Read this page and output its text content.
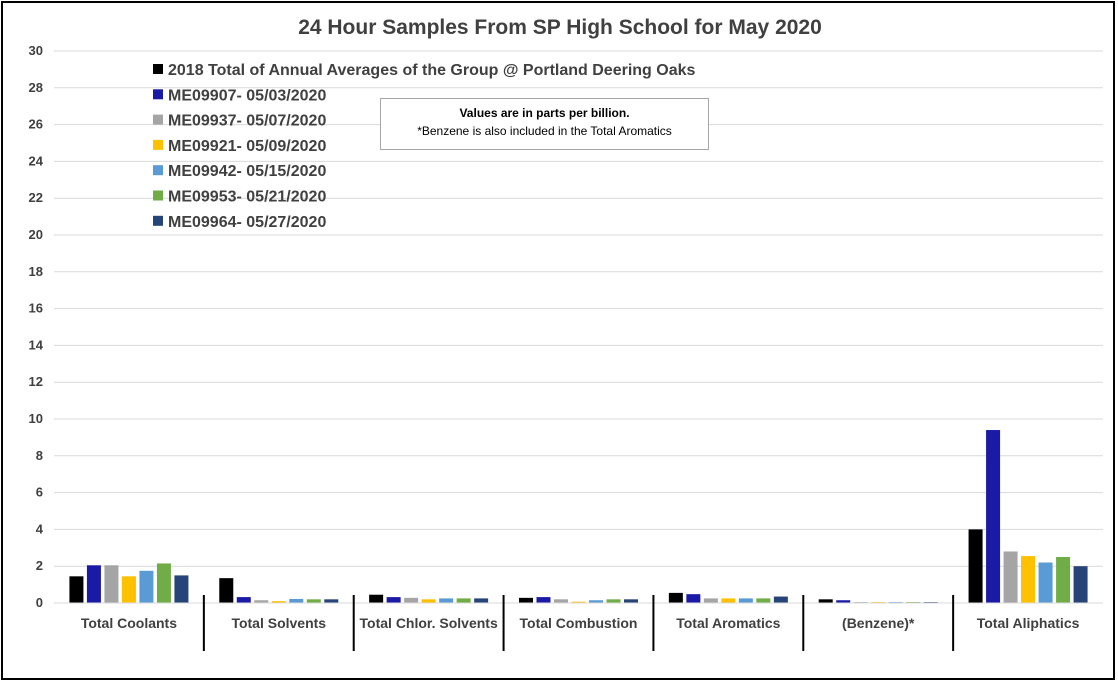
24 Hour Samples From SP High School for May 2020
0
2
4
6
8
10
12
14
16
18
20
22
24
26
28
30
Total Coolants	Total Solvents Total Chlor. Solvents Total Combustion	Total Aromatics	(Benzene)*	Total Aliphatics
2018 Total of Annual Averages of the Group @ Portland Deering Oaks
ME09907- 05/03/2020
ME09937- 05/07/2020
ME09921- 05/09/2020
ME09942- 05/15/2020
ME09953- 05/21/2020
ME09964- 05/27/2020
Values are in parts per billion.
*Benzene is also included in the Total Aromatics
